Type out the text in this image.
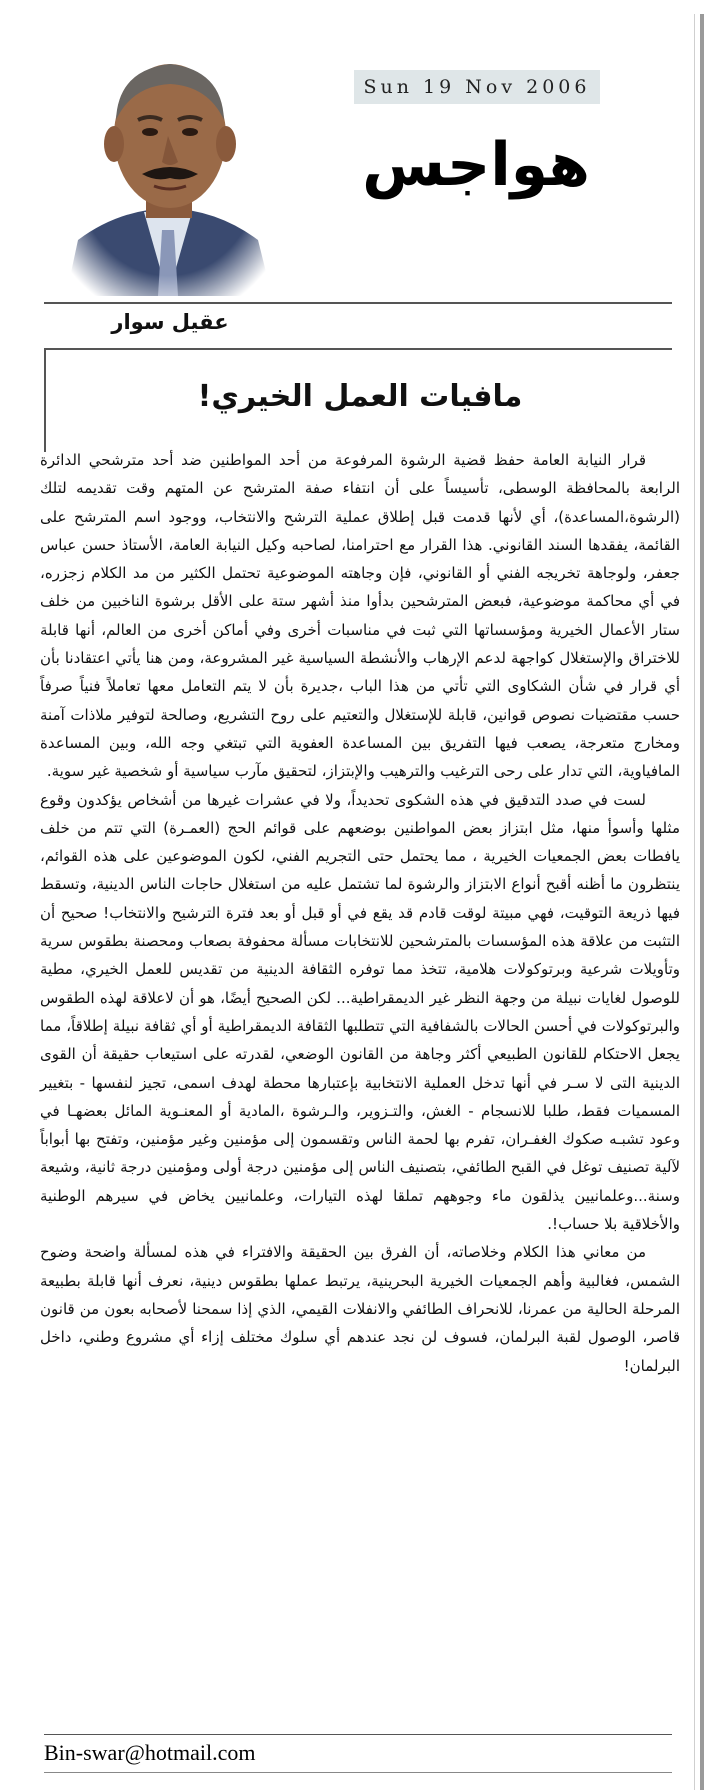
Sun 19 Nov 2006
هواجس
عقيل سوار
مافيات العمل الخيري!

قرار النيابة العامة حفظ قضية الرشوة المرفوعة من أحد المواطنين ضد أحد مترشحي الدائرة الرابعة بالمحافظة الوسطى، تأسيساً على أن انتفاء صفة المترشح عن المتهم وقت تقديمه لتلك (الرشوة،المساعدة)، أي لأنها قدمت قبل إطلاق عملية الترشح والانتخاب، ووجود اسم المترشح على القائمة، يفقدها السند القانوني. هذا القرار مع احترامنا، لصاحبه وكيل النيابة العامة، الأستاذ حسن عباس جعفر، ولوجاهة تخريجه الفني أو القانوني، فإن وجاهته الموضوعية تحتمل الكثير من مد الكلام زجزره، في أي محاكمة موضوعية، فبعض المترشحين بدأوا منذ أشهر ستة على الأقل برشوة الناخبين من خلف ستار الأعمال الخيرية ومؤسساتها التي ثبت في مناسبات أخرى وفي أماكن أخرى من العالم، أنها قابلة للاختراق والإستغلال كواجهة لدعم الإرهاب والأنشطة السياسية غير المشروعة، ومن هنا يأتي اعتقادنا بأن أي قرار في شأن الشكاوى التي تأتي من هذا الباب ،جديرة بأن لا يتم التعامل معها تعاملاً فنياً صرفاً حسب مقتضيات نصوص قوانين، قابلة للإستغلال والتعتيم على روح التشريع، وصالحة لتوفير ملاذات آمنة ومخارج متعرجة، يصعب فيها التفريق بين المساعدة العفوية التي تبتغي وجه الله، وبين المساعدة المافياوية، التي تدار على رحى الترغيب والترهيب والإبتزاز، لتحقيق مآرب سياسية أو شخصية غير سوية.

لست في صدد التدقيق في هذه الشكوى تحديداً، ولا في عشرات غيرها من أشخاص يؤكدون وقوع مثلها وأسوأ منها، مثل ابتزاز بعض المواطنين بوضعهم على قوائم الحج (العمـرة) التي تتم من خلف يافطات بعض الجمعيات الخيرية ، مما يحتمل حتى التجريم الفني، لكون الموضوعين على هذه القوائم، ينتظرون ما أظنه أقبح أنواع الابتزاز والرشوة لما تشتمل عليه من استغلال حاجات الناس الدينية، وتسقط فيها ذريعة التوقيت، فهي مبيتة لوقت قادم قد يقع في أو قبل أو بعد فترة الترشيح والانتخاب! صحيح أن التثبت من علاقة هذه المؤسسات بالمترشحين للانتخابات مسألة محفوفة بصعاب ومحصنة بطقوس سرية وتأويلات شرعية وبرتوكولات هلامية، تتخذ مما توفره الثقافة الدينية من تقديس للعمل الخيري، مطية للوصول لغايات نبيلة من وجهة النظر غير الديمقراطية... لكن الصحيح أيضًا، هو أن لاعلاقة لهذه الطقوس والبرتوكولات في أحسن الحالات بالشفافية التي تتطلبها الثقافة الديمقراطية أو أي ثقافة نبيلة إطلاقاً، مما يجعل الاحتكام للقانون الطبيعي أكثر وجاهة من القانون الوضعي، لقدرته على استيعاب حقيقة أن القوى الدينية التى لا سـر في أنها تدخل العملية الانتخابية بإعتبارها محطة لهدف اسمى، تجيز لنفسها - بتغيير المسميات فقط، طلبا للانسجام - الغش، والتـزوير، والـرشوة ،المادية أو المعنـوية المائل بعضهـا في وعود تشبـه صكوك الغفـران، تفرم بها لحمة الناس وتقسمون إلى مؤمنين وغير مؤمنين، وتفتح بها أبواباً لآلية تصنيف توغل في القبح الطائفي، بتصنيف الناس إلى مؤمنين درجة أولى ومؤمنين درجة ثانية، وشيعة وسنة...وعلمانيين يذلقون ماء وجوههم تملقا لهذه التيارات، وعلمانيين يخاض في سيرهم الوطنية والأخلاقية بلا حساب!.

من معاني هذا الكلام وخلاصاته، أن الفرق بين الحقيقة والافتراء في هذه لمسألة واضحة وضوح الشمس، فغالبية وأهم الجمعيات الخيرية البحرينية، يرتبط عملها بطقوس دينية، نعرف أنها قابلة بطبيعة المرحلة الحالية من عمرنا، للانحراف الطائفي والانفلات القيمي، الذي إذا سمحنا لأصحابه بعون من قانون قاصر، الوصول لقبة البرلمان، فسوف لن نجد عندهم أي سلوك مختلف إزاء أي مشروع وطني، داخل البرلمان!

Bin-swar@hotmail.com
